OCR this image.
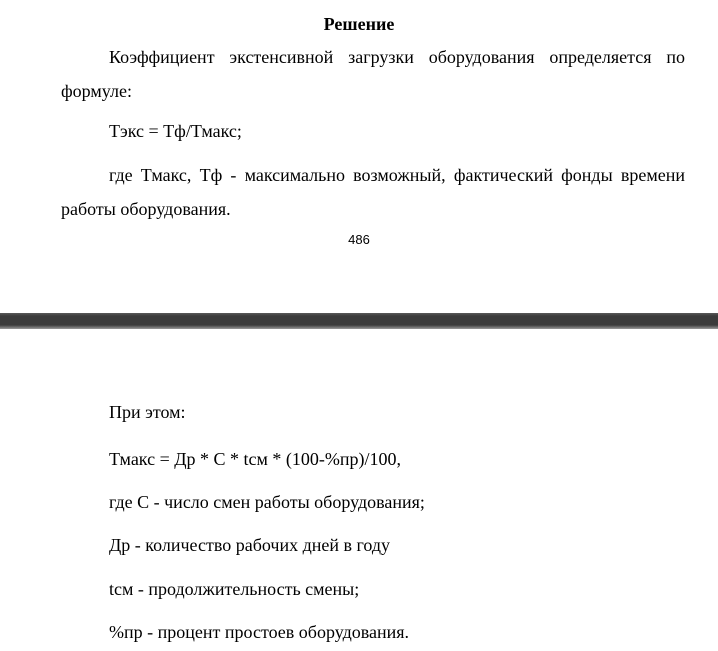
Решение
Коэффициент экстенсивной загрузки оборудования определяется по формуле:
Тэкс = Тф/Тмакс;
где Тмакс, Тф - максимально возможный, фактический фонды времени работы оборудования.
486
При этом:
Тмакс = Др * С * tсм * (100-%пр)/100,
где С - число смен работы оборудования;
Др - количество рабочих дней в году
tсм - продолжительность смены;
%пр - процент простоев оборудования.
